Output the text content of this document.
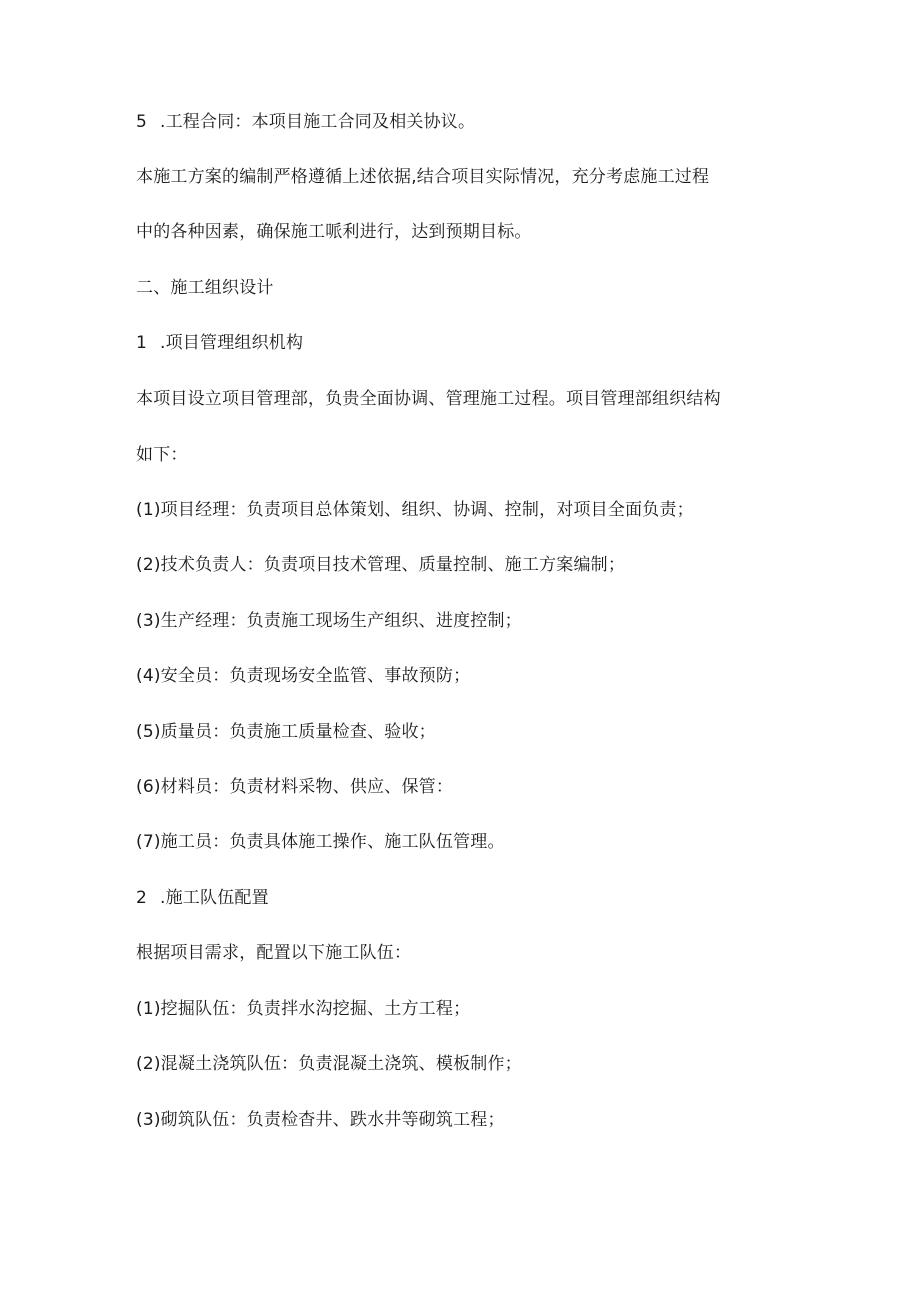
5 .工程合同：本项目施工合同及相关协议。
本施工方案的编制严格遵循上述依据,结合项目实际情况，充分考虑施工过程
中的各种因素，确保施工哌利进行，达到预期目标。
二、施工组织设计
1 .项目管理组织机构
本项目设立项目管理部，负贵全面协调、管理施工过程。项目管理部组织结构
如下：
(1)项目经理：负责项目总体策划、组织、协调、控制，对项目全面负责；
(2)技术负责人：负责项目技术管理、质量控制、施工方案编制；
(3)生产经理：负责施工现场生产组织、进度控制；
(4)安全员：负责现场安全监管、事故预防；
(5)质量员：负责施工质量检查、验收；
(6)材料员：负责材料采物、供应、保管：
(7)施工员：负责具体施工操作、施工队伍管理。
2 .施工队伍配置
根据项目需求，配置以下施工队伍：
(1)挖掘队伍：负责拌水沟挖掘、土方工程；
(2)混凝土浇筑队伍：负责混凝土浇筑、模板制作；
(3)砌筑队伍：负责检杳井、跌水井等砌筑工程；
